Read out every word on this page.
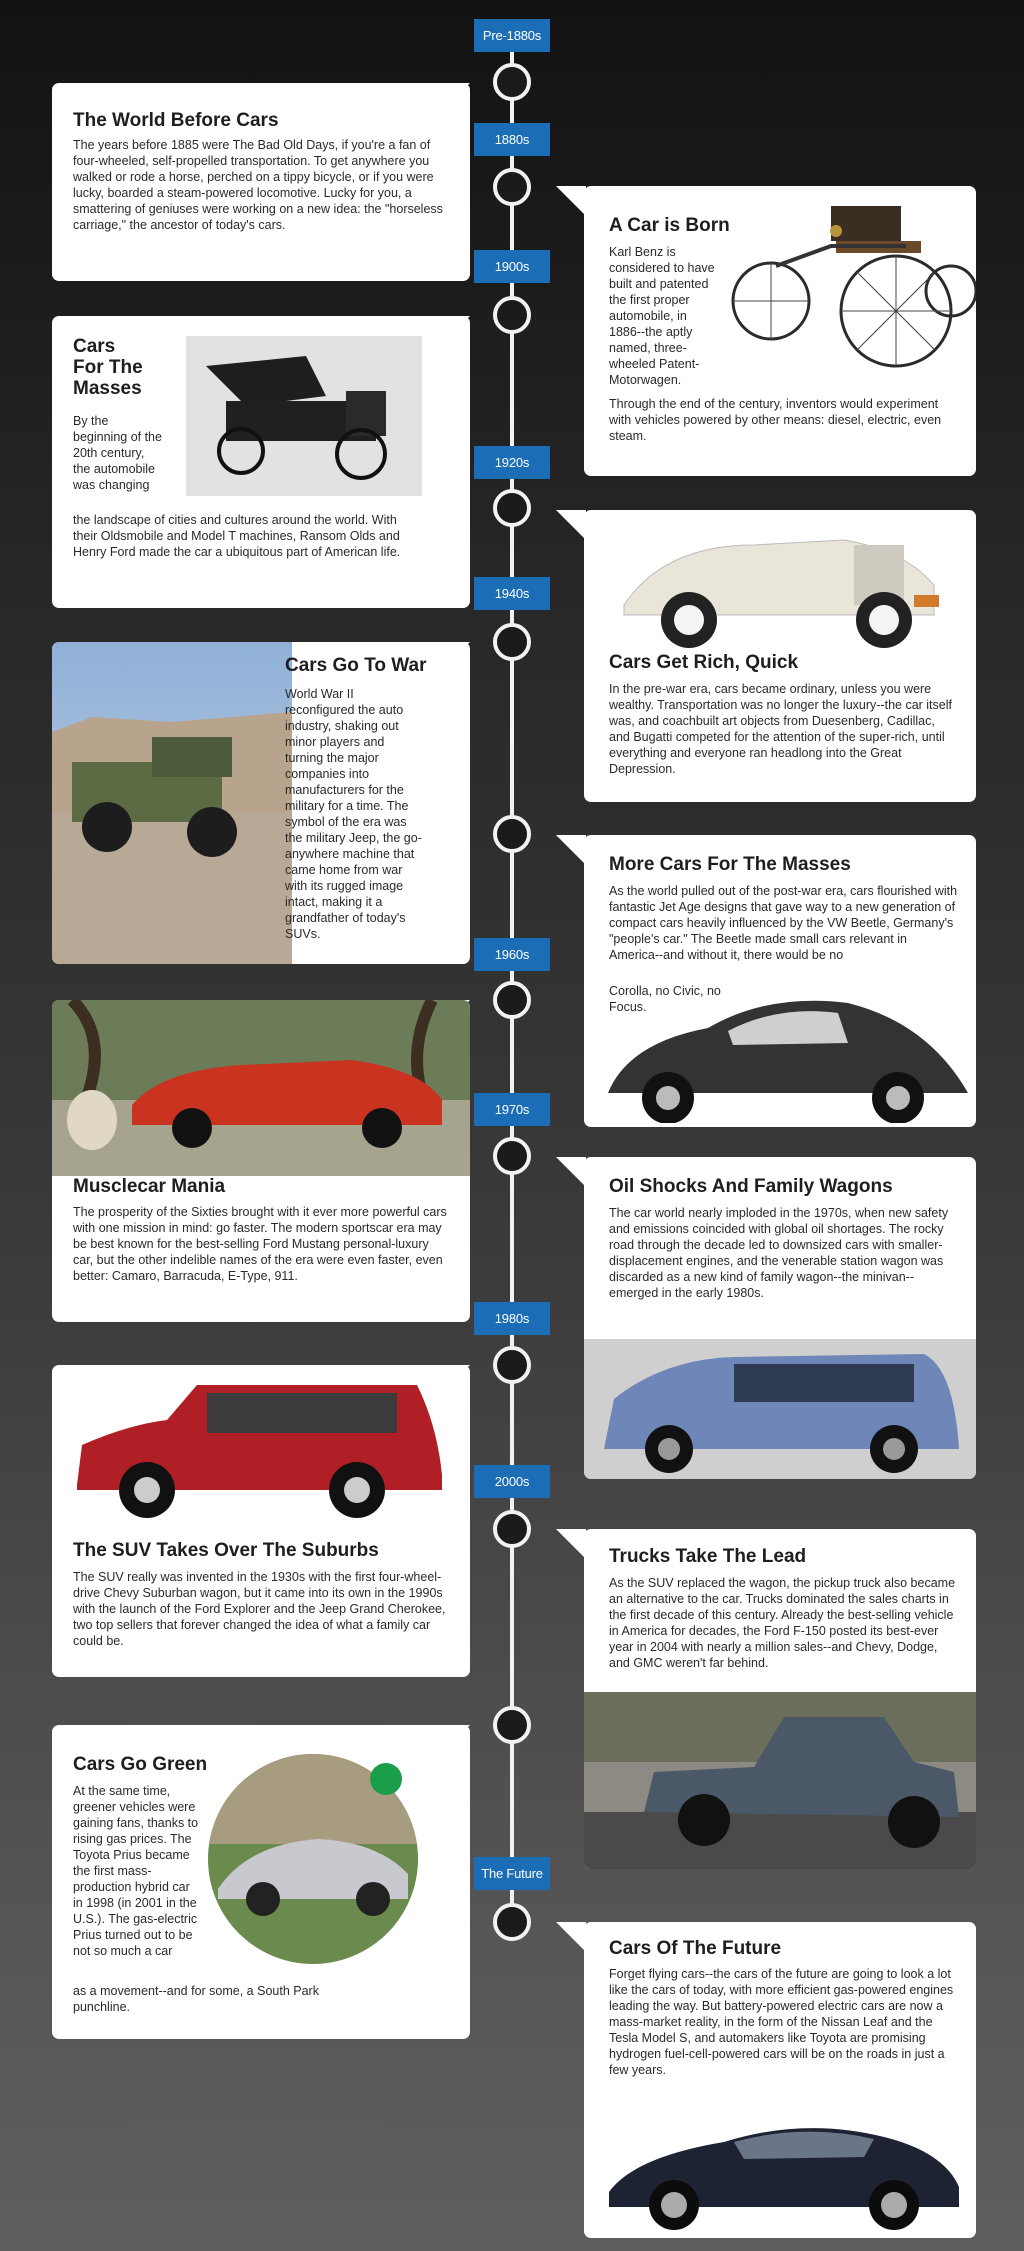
Pre-1880s
1880s
1900s
1920s
1940s
1960s
1970s
1980s
2000s
The Future
The World Before Cars

The years before 1885 were The Bad Old Days, if you're a fan of four-wheeled, self-propelled transportation. To get anywhere you walked or rode a horse, perched on a tippy bicycle, or if you were lucky, boarded a steam-powered locomotive. Lucky for you, a smattering of geniuses were working on a new idea: the "horseless carriage," the ancestor of today's cars.	A Car is Born

Karl Benz is considered to have built and patented the first proper automobile, in 1886--the aptly named, three-wheeled Patent-Motorwagen.

Through the end of the century, inventors would experiment with vehicles powered by other means: diesel, electric, even steam.

Cars
For The
Masses

By the beginning of the 20th century, the automobile was changing

the landscape of cities and cultures around the world. With their Oldsmobile and Model T machines, Ransom Olds and Henry Ford made the car a ubiquitous part of American life.

Cars Get Rich, Quick

In the pre-war era, cars became ordinary, unless you were wealthy. Transportation was no longer the luxury--the car itself was, and coachbuilt art objects from Duesenberg, Cadillac, and Bugatti competed for the attention of the super-rich, until everything and everyone ran headlong into the Great Depression.

Cars Go To War

World War II reconfigured the auto industry, shaking out minor players and turning the major companies into manufacturers for the military for a time. The symbol of the era was the military Jeep, the go-anywhere machine that came home from war with its rugged image intact, making it a grandfather of today's SUVs.

More Cars For The Masses

As the world pulled out of the post-war era, cars flourished with fantastic Jet Age designs that gave way to a new generation of compact cars heavily influenced by the VW Beetle, Germany's "people's car." The Beetle made small cars relevant in America--and without it, there would be no

Corolla, no Civic, no Focus.

Musclecar Mania

The prosperity of the Sixties brought with it ever more powerful cars with one mission in mind: go faster. The modern sportscar era may be best known for the best-selling Ford Mustang personal-luxury car, but the other indelible names of the era were even faster, even better: Camaro, Barracuda, E-Type, 911.

Oil Shocks And Family Wagons

The car world nearly imploded in the 1970s, when new safety and emissions coincided with global oil shortages. The rocky road through the decade led to downsized cars with smaller-displacement engines, and the venerable station wagon was discarded as a new kind of family wagon--the minivan--emerged in the early 1980s.

The SUV Takes Over The Suburbs

The SUV really was invented in the 1930s with the first four-wheel-drive Chevy Suburban wagon, but it came into its own in the 1990s with the launch of the Ford Explorer and the Jeep Grand Cherokee, two top sellers that forever changed the idea of what a family car could be.

Trucks Take The Lead

As the SUV replaced the wagon, the pickup truck also became an alternative to the car. Trucks dominated the sales charts in the first decade of this century. Already the best-selling vehicle in America for decades, the Ford F-150 posted its best-ever year in 2004 with nearly a million sales--and Chevy, Dodge, and GMC weren't far behind.

Cars Go Green

At the same time, greener vehicles were gaining fans, thanks to rising gas prices. The Toyota Prius became the first mass-production hybrid car in 1998 (in 2001 in the U.S.). The gas-electric Prius turned out to be not so much a car

as a movement--and for some, a South Park punchline.

Cars Of The Future

Forget flying cars--the cars of the future are going to look a lot like the cars of today, with more efficient gas-powered engines leading the way. But battery-powered electric cars are now a mass-market reality, in the form of the Nissan Leaf and the Tesla Model S, and automakers like Toyota are promising hydrogen fuel-cell-powered cars will be on the roads in just a few years.
